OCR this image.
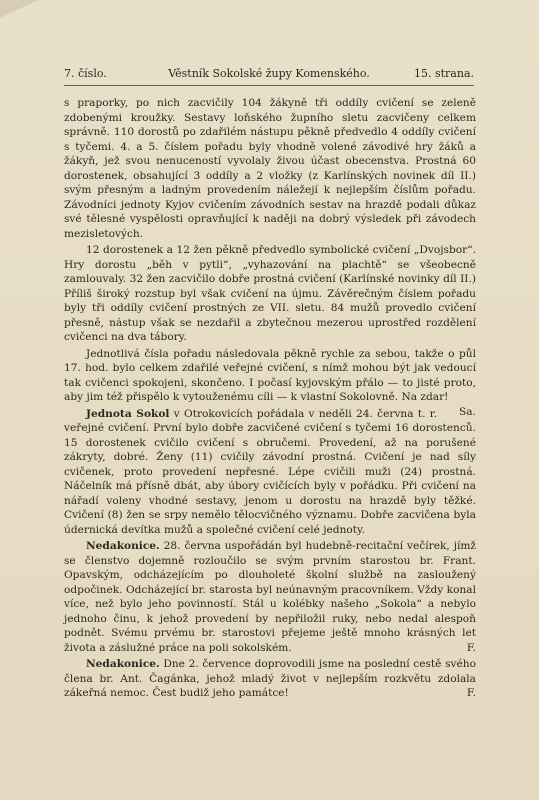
7. číslo.	Věstník Sokolské župy Komenského.	15. strana.

s praporky, po nich zacvičily 104 žákyně tři oddíly cvičení se zeleně zdobenými kroužky. Sestavy loňského župního sletu zacvičeny celkem správně. 110 dorostů po zdařilém nástupu pěkně předvedlo 4 oddíly cvičení s tyčemi. 4. a 5. číslem pořadu byly vhodně volené závodivé hry žáků a žákyň, jež svou nenuceností vyvolaly živou účast obecenstva. Prostná 60 dorostenek, obsahující 3 oddíly a 2 vložky (z Karlínských novinek díl II.) svým přesným a ladným provedením náležejí k nejlepším číslům pořadu. Závodníci jednoty Kyjov cvičením závodních sestav na hrazdě podali důkaz své tělesné vyspělosti opravňující k naději na dobrý výsledek při závodech mezisletových.

12 dorostenek a 12 žen pěkně předvedlo symbolické cvičení „Dvojsbor“. Hry dorostu „běh v pytli“, „vyhazování na plachtě“ se všeobecně zamlouvaly. 32 žen zacvičilo dobře prostná cvičení (Karlínské novinky díl II.) Příliš široký rozstup byl však cvičení na újmu. Závěrečným číslem pořadu byly tři oddíly cvičení prostných ze VII. sletu. 84 mužů provedlo cvičení přesně, nástup však se nezdařil a zbytečnou mezerou uprostřed rozdělení cvičenci na dva tábory.

Jednotlivá čísla pořadu následovala pěkně rychle za sebou, takže o půl 17. hod. bylo celkem zdařilé veřejné cvičení, s nímž mohou být jak vedoucí tak cvičenci spokojeni, skončeno. I počasí kyjovským přálo — to jisté proto, aby jim též přispělo k vytouženému cíli — k vlastní Sokolovně. Na zdar!
Sa.

Jednota Sokol v Otrokovicích pořádala v neděli 24. června t. r. veřejné cvičení. První bylo dobře zacvičené cvičení s tyčemi 16 dorostenců. 15 dorostenek cvičilo cvičení s obručemi. Provedení, až na porušené zákryty, dobré. Ženy (11) cvičily závodní prostná. Cvičení je nad síly cvičenek, proto provedení nepřesné. Lépe cvičili muži (24) prostná. Náčelník má přísně dbát, aby úbory cvičících byly v pořádku. Při cvičení na nářadí voleny vhodné sestavy, jenom u dorostu na hrazdě byly těžké. Cvičení (8) žen se srpy nemělo tělocvičného významu. Dobře zacvičena byla údernická devítka mužů a společné cvičení celé jednoty.

Nedakonice. 28. června uspořádán byl hudebně-recitační večírek, jímž se členstvo dojemně rozloučilo se svým prvním starostou br. Frant. Opavským, odcházejícím po dlouholeté školní službě na zasloužený odpočinek. Odcházející br. starosta byl neúnavným pracovníkem. Vždy konal více, než bylo jeho povinností. Stál u kolébky našeho „Sokola“ a nebylo jednoho činu, k jehož provedení by nepřiložil ruky, nebo nedal alespoň podnět. Svému prvému br. starostovi přejeme ještě mnoho krásných let života a záslužné práce na poli sokolském.	F.

Nedakonice. Dne 2. července doprovodili jsme na poslední cestě svého člena br. Ant. Čagánka, jehož mladý život v nejlepším rozkvětu zdolala zákeřná nemoc. Čest budiž jeho památce!	F.
